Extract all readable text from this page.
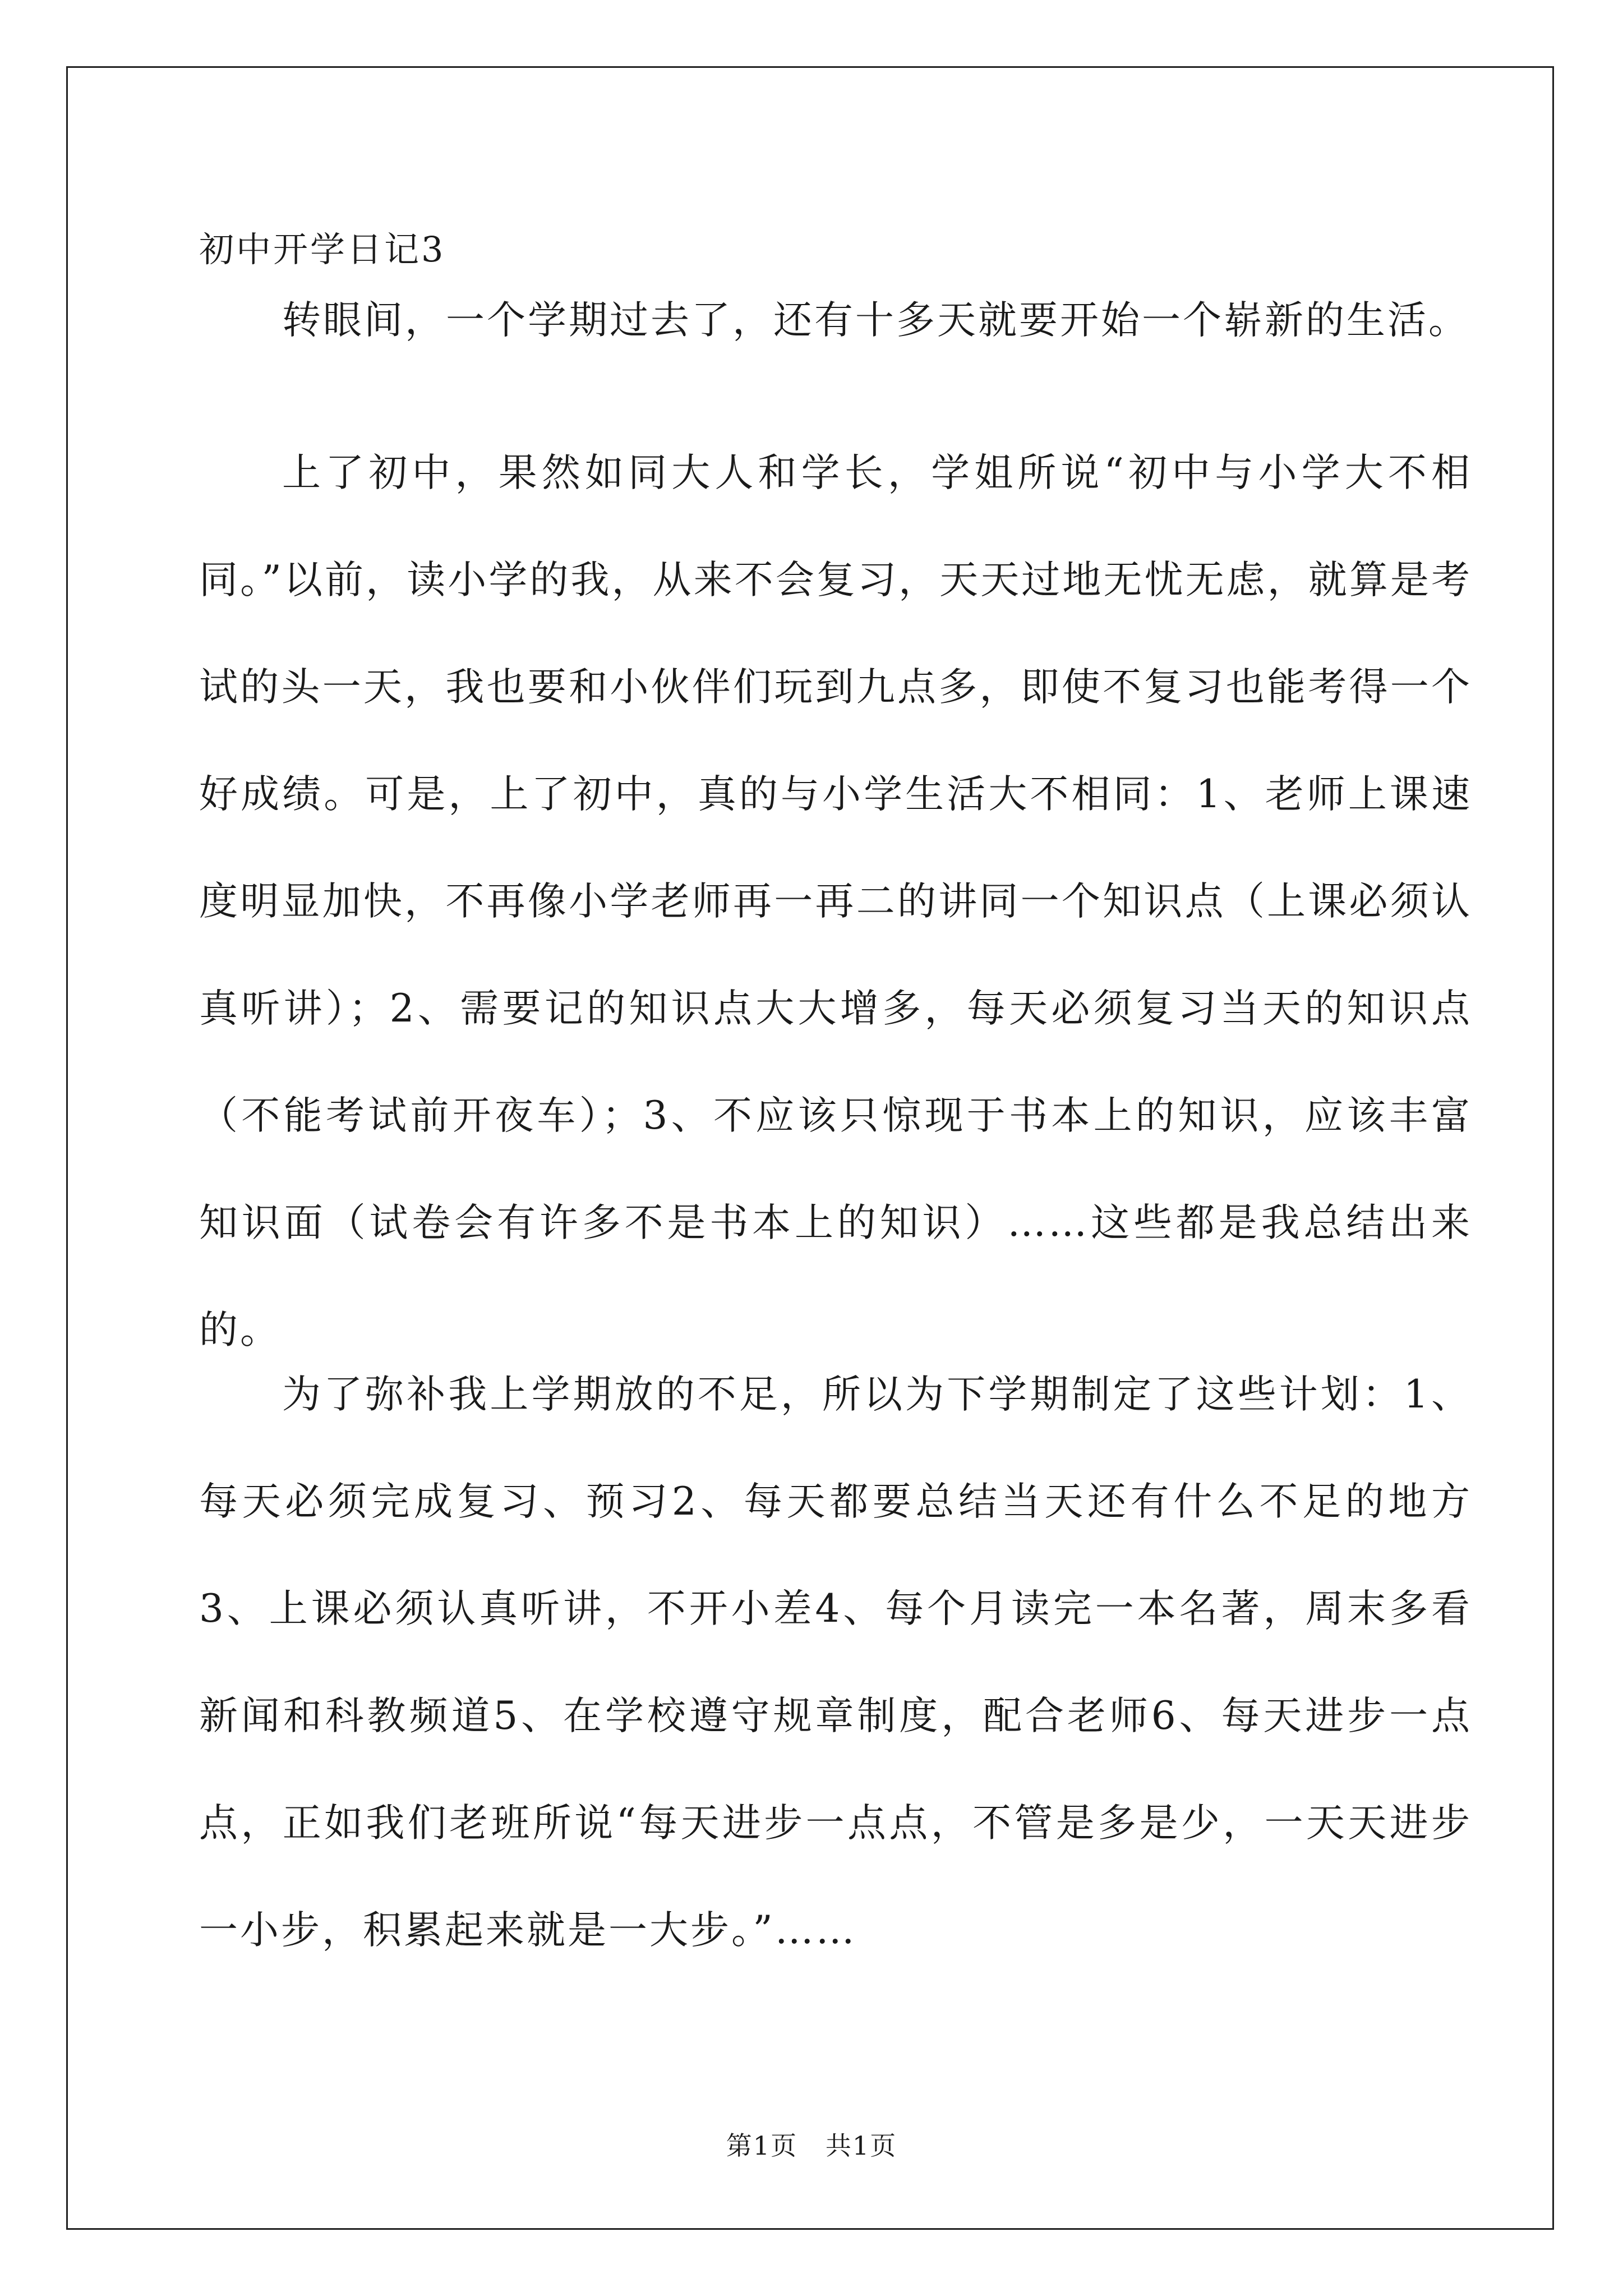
初中开学日记3

转眼间，一个学期过去了，还有十多天就要开始一个崭新的生活。

上了初中，果然如同大人和学长，学姐所说“初中与小学大不相同。”以前，读小学的我，从来不会复习，天天过地无忧无虑，就算是考试的头一天，我也要和小伙伴们玩到九点多，即使不复习也能考得一个好成绩。可是，上了初中，真的与小学生活大不相同：1、老师上课速度明显加快，不再像小学老师再一再二的讲同一个知识点（上课必须认真听讲）；2、需要记的知识点大大增多，每天必须复习当天的知识点（不能考试前开夜车）；3、不应该只惊现于书本上的知识，应该丰富知识面（试卷会有许多不是书本上的知识）……这些都是我总结出来的。

为了弥补我上学期放的不足，所以为下学期制定了这些计划：1、每天必须完成复习、预习2、每天都要总结当天还有什么不足的地方3、上课必须认真听讲，不开小差4、每个月读完一本名著，周末多看新闻和科教频道5、在学校遵守规章制度，配合老师6、每天进步一点点，正如我们老班所说“每天进步一点点，不管是多是少，一天天进步一小步，积累起来就是一大步。”……

第1页   共1页
